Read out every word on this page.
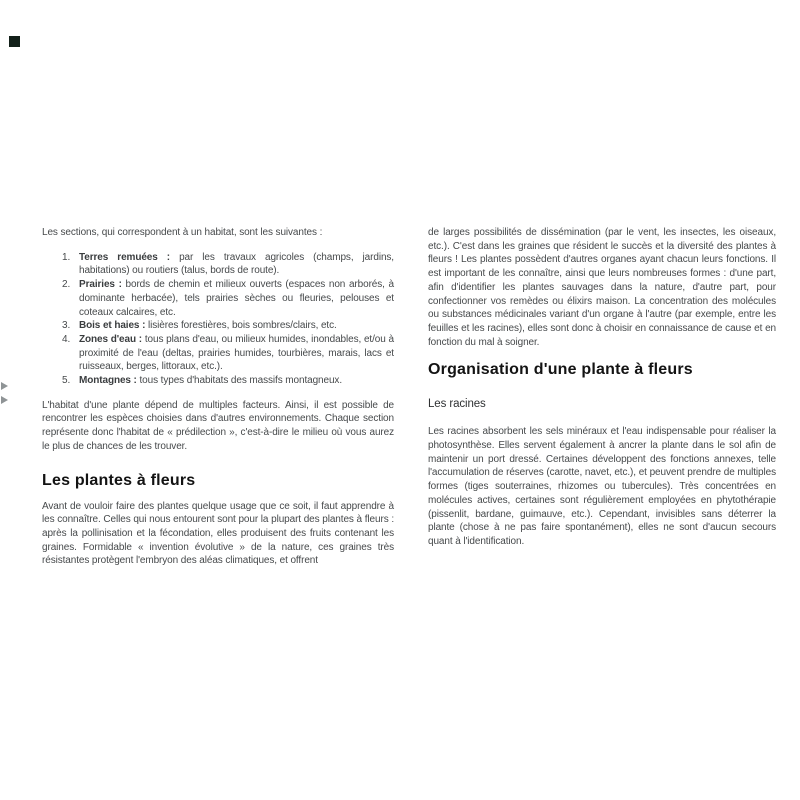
Les sections, qui correspondent à un habitat, sont les suivantes :

1. Terres remuées : par les travaux agricoles (champs, jardins, habitations) ou routiers (talus, bords de route).
2. Prairies : bords de chemin et milieux ouverts (espaces non arborés, à dominante herbacée), tels prairies sèches ou fleuries, pelouses et coteaux calcaires, etc.
3. Bois et haies : lisières forestières, bois sombres/clairs, etc.
4. Zones d'eau : tous plans d'eau, ou milieux humides, inondables, et/ou à proximité de l'eau (deltas, prairies humides, tourbières, marais, lacs et ruisseaux, berges, littoraux, etc.).
5. Montagnes : tous types d'habitats des massifs montagneux.

L'habitat d'une plante dépend de multiples facteurs. Ainsi, il est possible de rencontrer les espèces choisies dans d'autres environnements. Chaque section représente donc l'habitat de « prédilection », c'est-à-dire le milieu où vous aurez le plus de chances de les trouver.

Les plantes à fleurs

Avant de vouloir faire des plantes quelque usage que ce soit, il faut apprendre à les connaître. Celles qui nous entourent sont pour la plupart des plantes à fleurs : après la pollinisation et la fécondation, elles produisent des fruits contenant les graines. Formidable « invention évolutive » de la nature, ces graines très résistantes protègent l'embryon des aléas climatiques, et offrent

de larges possibilités de dissémination (par le vent, les insectes, les oiseaux, etc.). C'est dans les graines que résident le succès et la diversité des plantes à fleurs ! Les plantes possèdent d'autres organes ayant chacun leurs fonctions. Il est important de les connaître, ainsi que leurs nombreuses formes : d'une part, afin d'identifier les plantes sauvages dans la nature, d'autre part, pour confectionner vos remèdes ou élixirs maison. La concentration des molécules ou substances médicinales variant d'un organe à l'autre (par exemple, entre les feuilles et les racines), elles sont donc à choisir en connaissance de cause et en fonction du mal à soigner.

Organisation d'une plante à fleurs
Les racines

Les racines absorbent les sels minéraux et l'eau indispensable pour réaliser la photosynthèse. Elles servent également à ancrer la plante dans le sol afin de maintenir un port dressé. Certaines développent des fonctions annexes, telle l'accumulation de réserves (carotte, navet, etc.), et peuvent prendre de multiples formes (tiges souterraines, rhizomes ou tubercules). Très concentrées en molécules actives, certaines sont régulièrement employées en phytothérapie (pissenlit, bardane, guimauve, etc.). Cependant, invisibles sans déterrer la plante (chose à ne pas faire spontanément), elles ne sont d'aucun secours quant à l'identification.
